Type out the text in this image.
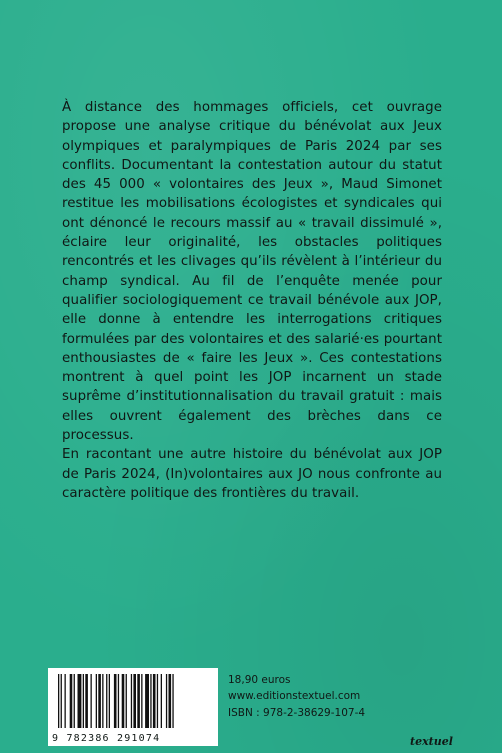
À distance des hommages officiels, cet ouvrage propose une analyse critique du bénévolat aux Jeux olympiques et paralympiques de Paris 2024 par ses conflits. Documentant la contestation autour du statut des 45 000 « volontaires des Jeux », Maud Simonet restitue les mobilisations écologistes et syndicales qui ont dénoncé le recours massif au « travail dissimulé », éclaire leur originalité, les obstacles politiques rencontrés et les clivages qu’ils révèlent à l’intérieur du champ syndical. Au fil de l’enquête menée pour qualifier sociologiquement ce travail bénévole aux JOP, elle donne à entendre les interrogations critiques formulées par des volontaires et des salarié·es pourtant enthousiastes de « faire les Jeux ». Ces contestations montrent à quel point les JOP incarnent un stade suprême d’institutionnalisation du travail gratuit : mais elles ouvrent également des brèches dans ce processus.

En racontant une autre histoire du bénévolat aux JOP de Paris 2024, (In)volontaires aux JO nous confronte au caractère politique des frontières du travail.

9 782386 291074
18,90 euros
www.editionstextuel.com
ISBN : 978-2-38629-107-4
textuel
